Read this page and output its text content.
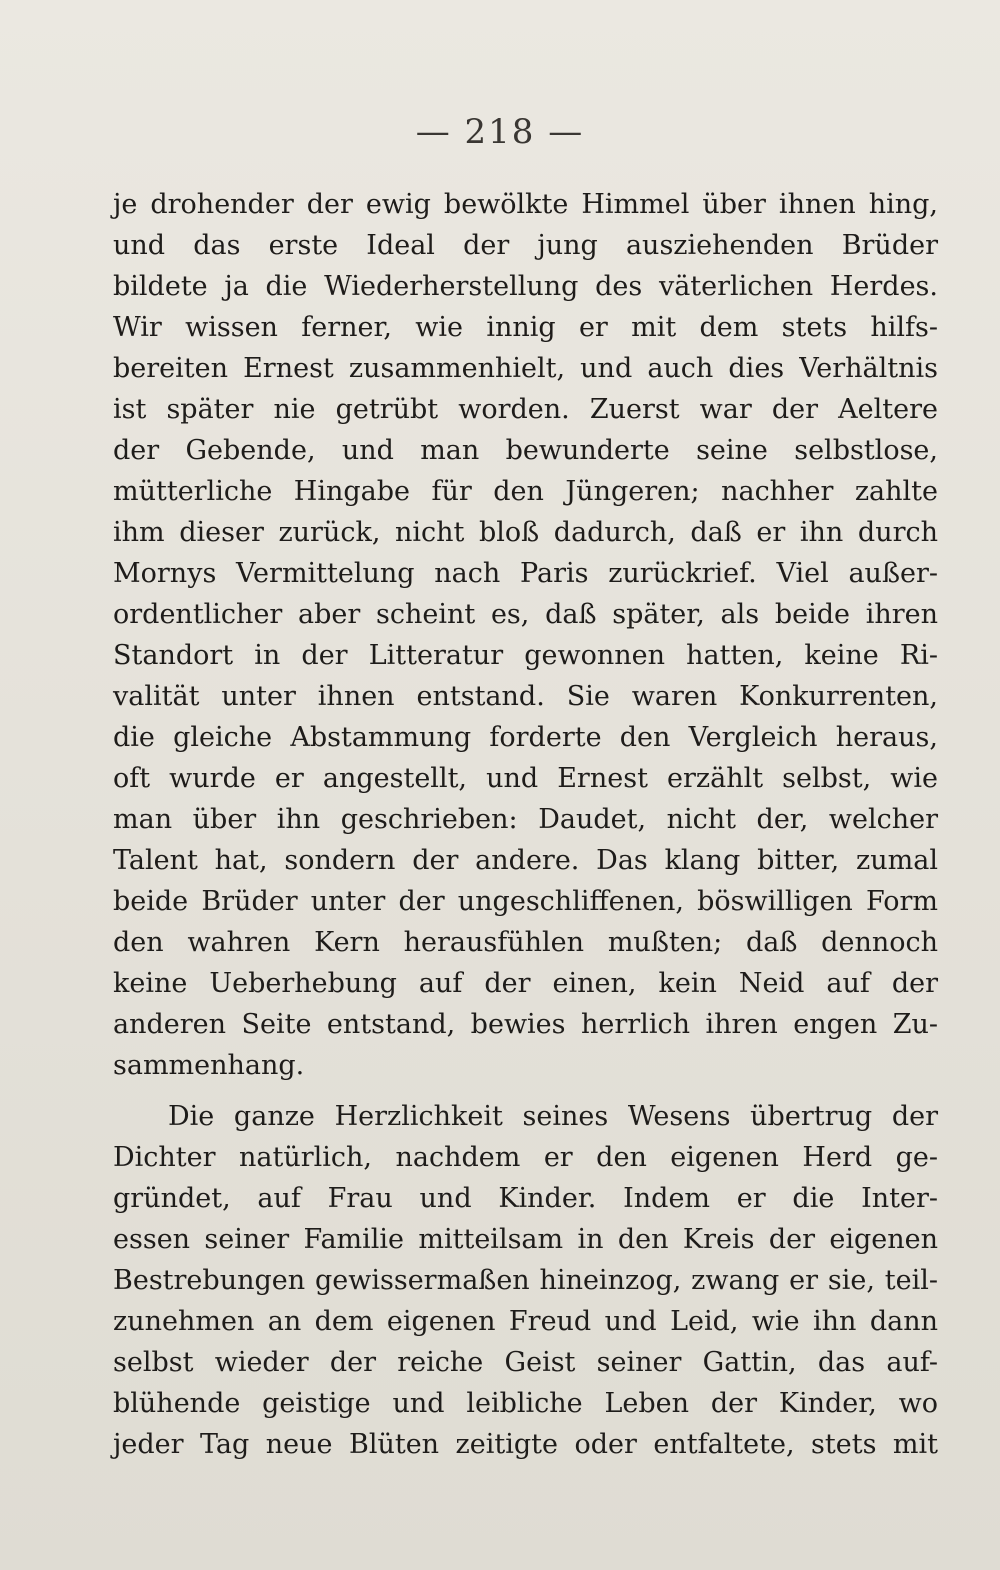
— 218 —
je drohender der ewig bewölkte Himmel über ihnen hing,
und das erste Ideal der jung ausziehenden Brüder
bildete ja die Wiederherstellung des väterlichen Herdes.
Wir wissen ferner, wie innig er mit dem stets hilfs-
bereiten Ernest zusammenhielt, und auch dies Verhältnis
ist später nie getrübt worden. Zuerst war der Aeltere
der Gebende, und man bewunderte seine selbstlose,
mütterliche Hingabe für den Jüngeren; nachher zahlte
ihm dieser zurück, nicht bloß dadurch, daß er ihn durch
Mornys Vermittelung nach Paris zurückrief. Viel außer-
ordentlicher aber scheint es, daß später, als beide ihren
Standort in der Litteratur gewonnen hatten, keine Ri-
valität unter ihnen entstand. Sie waren Konkurrenten,
die gleiche Abstammung forderte den Vergleich heraus,
oft wurde er angestellt, und Ernest erzählt selbst, wie
man über ihn geschrieben: Daudet, nicht der, welcher
Talent hat, sondern der andere. Das klang bitter, zumal
beide Brüder unter der ungeschliffenen, böswilligen Form
den wahren Kern herausfühlen mußten; daß dennoch
keine Ueberhebung auf der einen, kein Neid auf der
anderen Seite entstand, bewies herrlich ihren engen Zu-
sammenhang.
Die ganze Herzlichkeit seines Wesens übertrug der
Dichter natürlich, nachdem er den eigenen Herd ge-
gründet, auf Frau und Kinder. Indem er die Inter-
essen seiner Familie mitteilsam in den Kreis der eigenen
Bestrebungen gewissermaßen hineinzog, zwang er sie, teil-
zunehmen an dem eigenen Freud und Leid, wie ihn dann
selbst wieder der reiche Geist seiner Gattin, das auf-
blühende geistige und leibliche Leben der Kinder, wo
jeder Tag neue Blüten zeitigte oder entfaltete, stets mit
